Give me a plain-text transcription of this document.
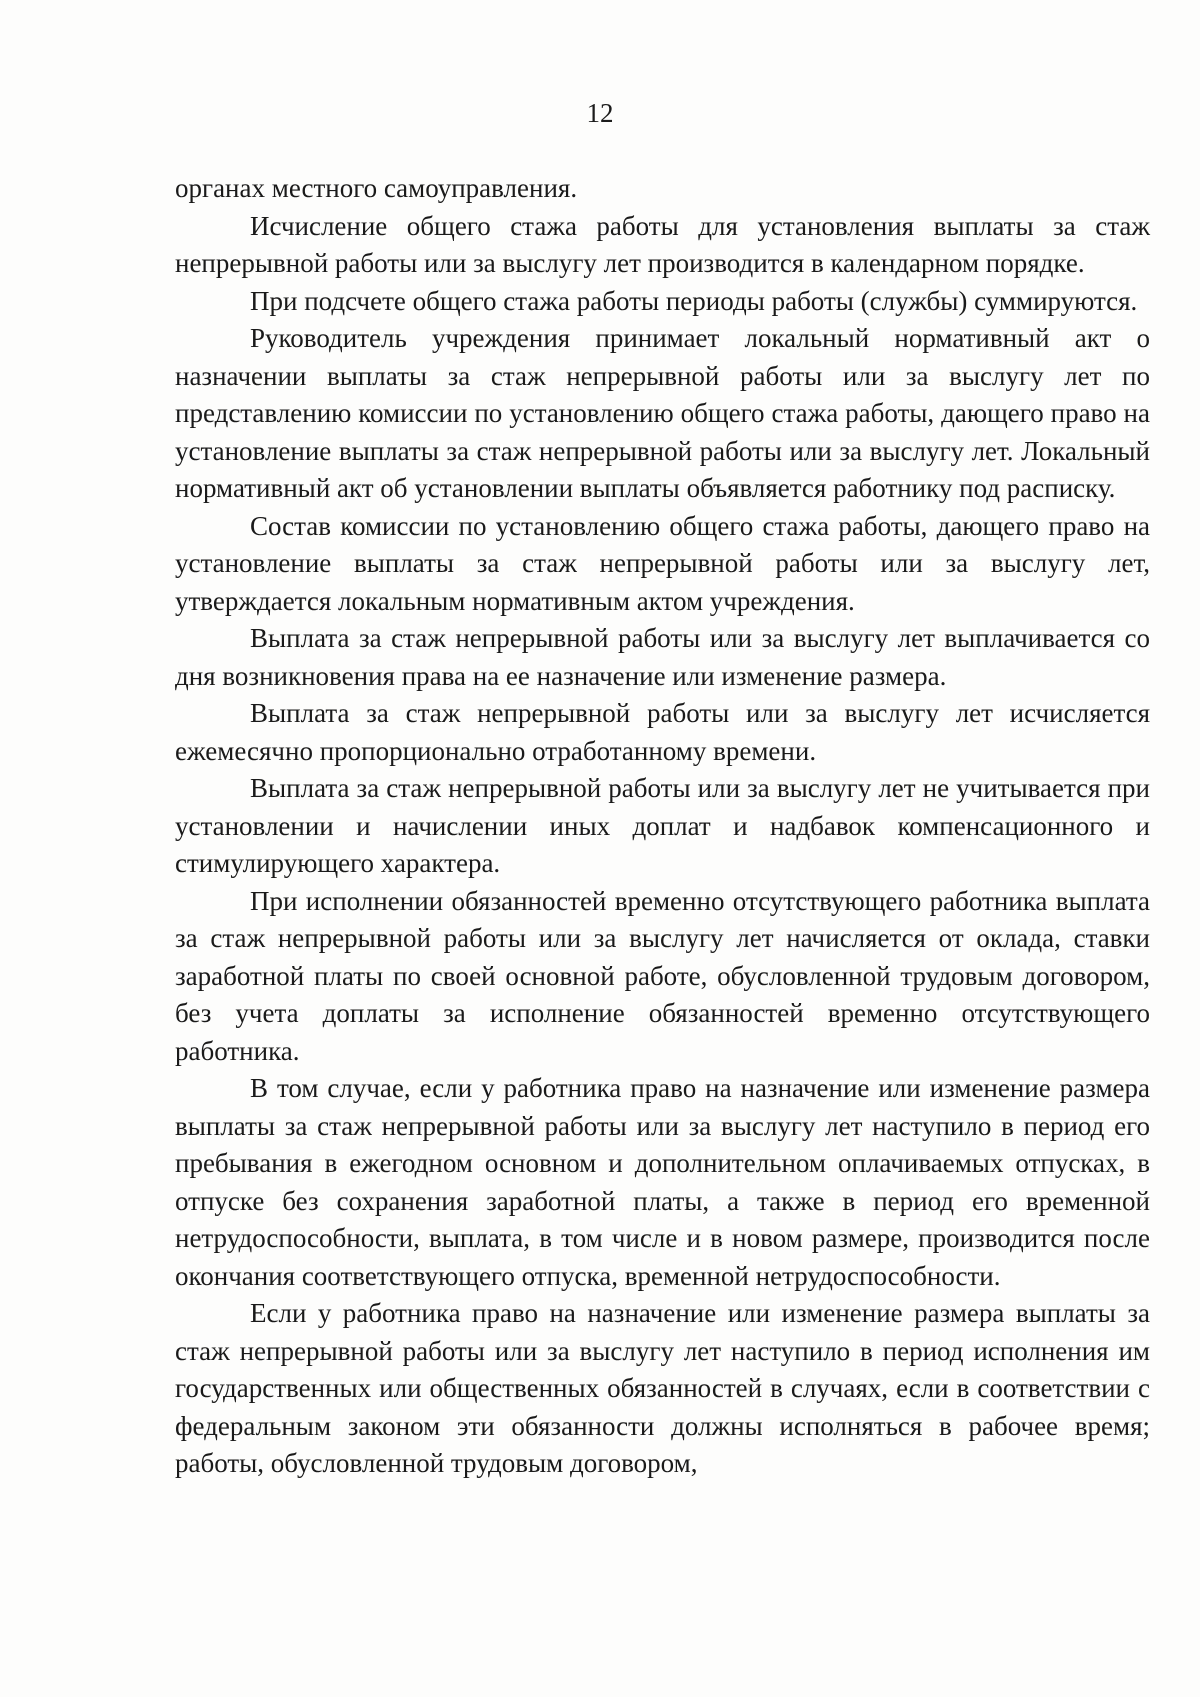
12

органах местного самоуправления.

Исчисление общего стажа работы для установления выплаты за стаж непрерывной работы или за выслугу лет производится в календарном порядке.

При подсчете общего стажа работы периоды работы (службы) суммируются.

Руководитель учреждения принимает локальный нормативный акт о назначении выплаты за стаж непрерывной работы или за выслугу лет по представлению комиссии по установлению общего стажа работы, дающего право на установление выплаты за стаж непрерывной работы или за выслугу лет. Локальный нормативный акт об установлении выплаты объявляется работнику под расписку.

Состав комиссии по установлению общего стажа работы, дающего право на установление выплаты за стаж непрерывной работы или за выслугу лет, утверждается локальным нормативным актом учреждения.

Выплата за стаж непрерывной работы или за выслугу лет выплачивается со дня возникновения права на ее назначение или изменение размера.

Выплата за стаж непрерывной работы или за выслугу лет исчисляется ежемесячно пропорционально отработанному времени.

Выплата за стаж непрерывной работы или за выслугу лет не учитывается при установлении и начислении иных доплат и надбавок компенсационного и стимулирующего характера.

При исполнении обязанностей временно отсутствующего работника выплата за стаж непрерывной работы или за выслугу лет начисляется от оклада, ставки заработной платы по своей основной работе, обусловленной трудовым договором, без учета доплаты за исполнение обязанностей временно отсутствующего работника.

В том случае, если у работника право на назначение или изменение размера выплаты за стаж непрерывной работы или за выслугу лет наступило в период его пребывания в ежегодном основном и дополнительном оплачиваемых отпусках, в отпуске без сохранения заработной платы, а также в период его временной нетрудоспособности, выплата, в том числе и в новом размере, производится после окончания соответствующего отпуска, временной нетрудоспособности.

Если у работника право на назначение или изменение размера выплаты за стаж непрерывной работы или за выслугу лет наступило в период исполнения им государственных или общественных обязанностей в случаях, если в соответствии с федеральным законом эти обязанности должны исполняться в рабочее время; работы, обусловленной трудовым договором,
